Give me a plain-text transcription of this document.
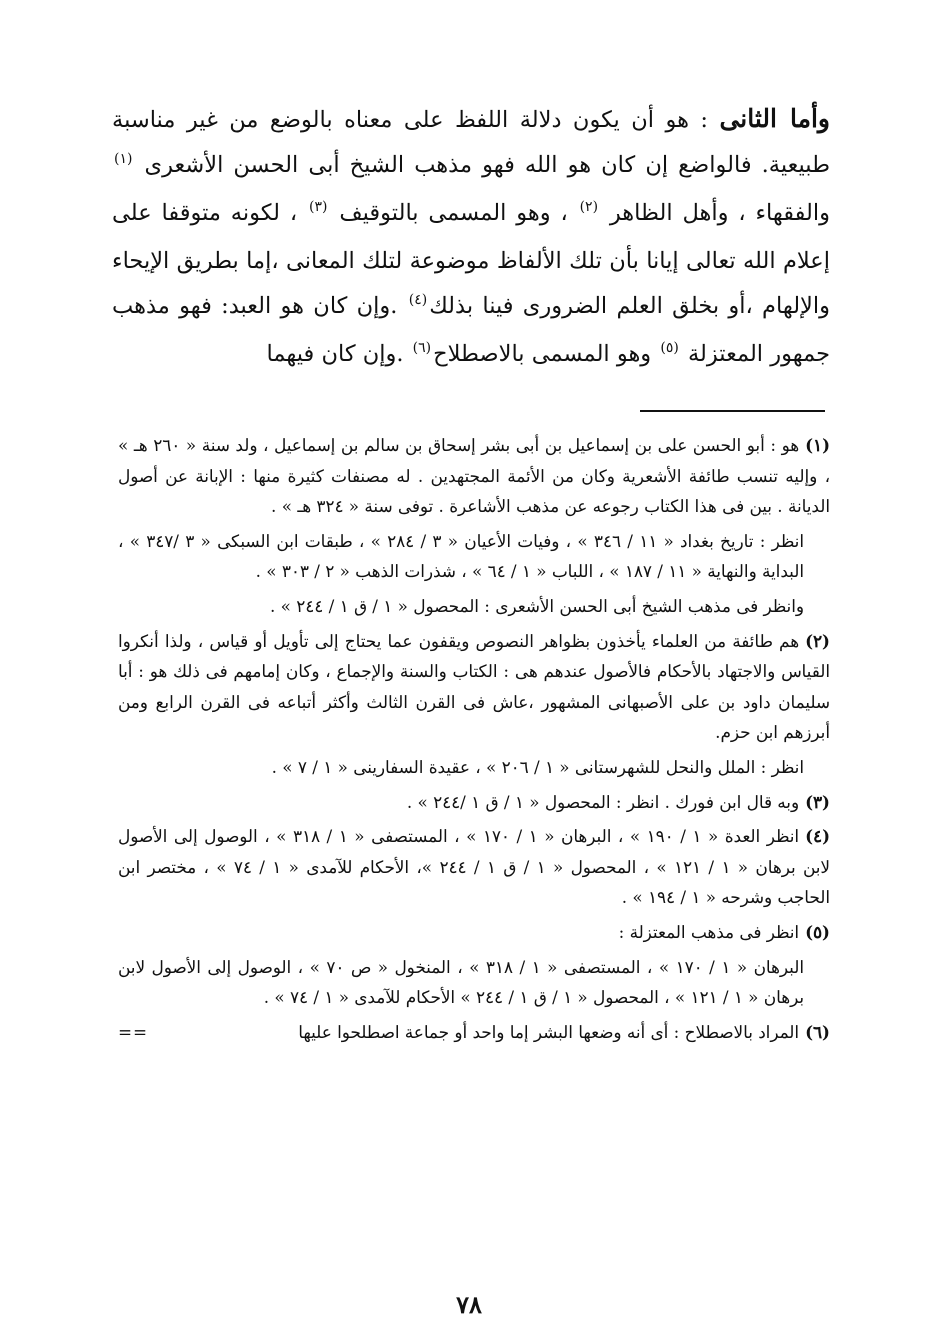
وأما الثانى : هو أن يكون دلالة اللفظ على معناه بالوضع من غير مناسبة طبيعية. فالواضع إن كان هو الله فهو مذهب الشيخ أبى الحسن الأشعرى $^{(١)}$ والفقهاء ، وأهل الظاهر $^{(٢)}$ ، وهو المسمى بالتوقيف $^{(٣)}$ ، لكونه متوقفا على إعلام الله تعالى إيانا بأن تلك الألفاظ موضوعة لتلك المعانى ،إما بطريق الإيحاء والإلهام ،أو بخلق العلم الضرورى فينا بذلك$^{(٤)}$ .وإن كان هو العبد: فهو مذهب جمهور المعتزلة $^{(٥)}$ وهو المسمى بالاصطلاح$^{(٦)}$ .وإن كان فيهما

(١)هو : أبو الحسن على بن إسماعيل بن أبى بشر إسحاق بن سالم بن إسماعيل ، ولد سنة « ٢٦٠ هـ » ، وإليه تنسب طائفة الأشعرية وكان من الأئمة المجتهدين . له مصنفات كثيرة منها : الإبانة عن أصول الديانة . بين فى هذا الكتاب رجوعه عن مذهب الأشاعرة . توفى سنة « ٣٢٤ هـ » .

انظر : تاريخ بغداد « ١١ / ٣٤٦ » ، وفيات الأعيان « ٣ / ٢٨٤ » ، طبقات ابن السبكى « ٣ /٣٤٧ » ، البداية والنهاية « ١١ / ١٨٧ » ، اللباب « ١ / ٦٤ » ، شذرات الذهب « ٢ / ٣٠٣ » .

وانظر فى مذهب الشيخ أبى الحسن الأشعرى : المحصول « ١ / ق ١ / ٢٤٤ » .

(٢)هم طائفة من العلماء يأخذون بظواهر النصوص ويقفون عما يحتاج إلى تأويل أو قياس ، ولذا أنكروا القياس والاجتهاد بالأحكام فالأصول عندهم هى : الكتاب والسنة والإجماع ، وكان إمامهم فى ذلك هو : أبا سليمان داود بن على الأصبهانى المشهور ،عاش فى القرن الثالث وأكثر أتباعه فى القرن الرابع ومن أبرزهم ابن حزم.

انظر : الملل والنحل للشهرستانى « ١ / ٢٠٦ » ، عقيدة السفارينى « ١ / ٧ » .

(٣)وبه قال ابن فورك . انظر : المحصول « ١ / ق ١ /٢٤٤ » .

(٤)انظر العدة « ١ / ١٩٠ » ، البرهان « ١ / ١٧٠ » ، المستصفى « ١ / ٣١٨ » ، الوصول إلى الأصول لابن برهان « ١ / ١٢١ » ، المحصول « ١ / ق ١ / ٢٤٤ »، الأحكام للآمدى « ١ / ٧٤ » ، مختصر ابن الحاجب وشرحه « ١ / ١٩٤ » .

(٥)انظر فى مذهب المعتزلة :

البرهان « ١ / ١٧٠ » ، المستصفى « ١ / ٣١٨ » ، المنخول « ص ٧٠ » ، الوصول إلى الأصول لابن برهان « ١ / ١٢١ » ، المحصول « ١ / ق ١ / ٢٤٤ » الأحكام للآمدى « ١ / ٧٤ » .

(٦)المراد بالاصطلاح : أى أنه وضعها البشر إما واحد أو جماعة اصطلحوا عليها
==

٧٨
